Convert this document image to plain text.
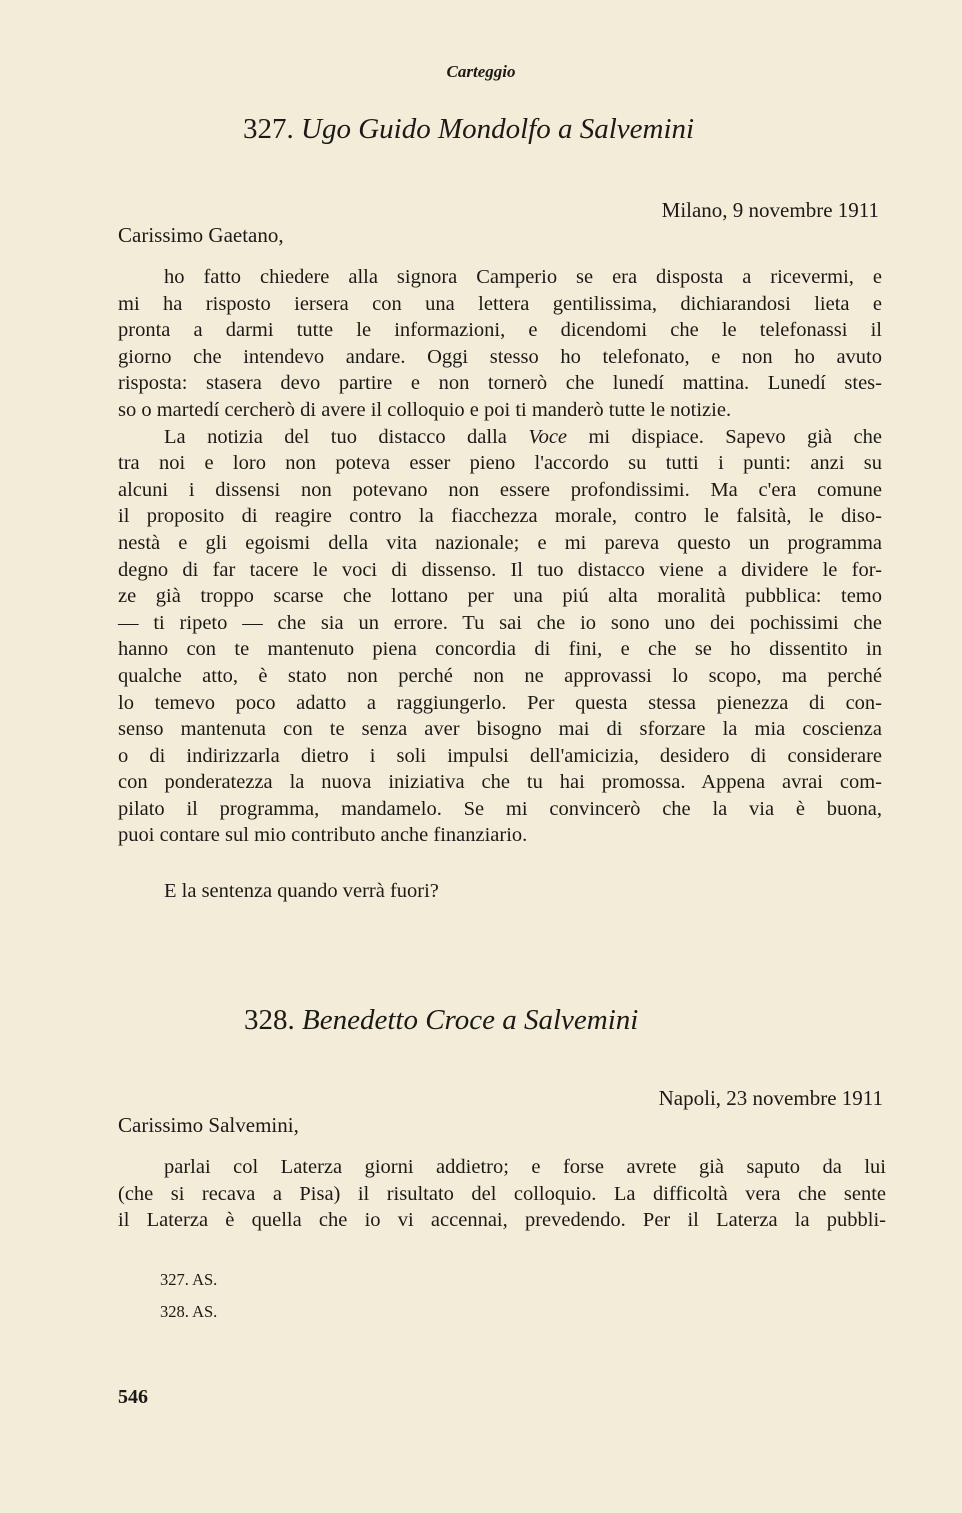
Carteggio
327. Ugo Guido Mondolfo a Salvemini
Milano, 9 novembre 1911
Carissimo Gaetano,
ho fatto chiedere alla signora Camperio se era disposta a ricevermi, e
mi ha risposto iersera con una lettera gentilissima, dichiarandosi lieta e
pronta a darmi tutte le informazioni, e dicendomi che le telefonassi il
giorno che intendevo andare. Oggi stesso ho telefonato, e non ho avuto
risposta: stasera devo partire e non tornerò che lunedí mattina. Lunedí stes-
so o martedí cercherò di avere il colloquio e poi ti manderò tutte le notizie.
La notizia del tuo distacco dalla Voce mi dispiace. Sapevo già che
tra noi e loro non poteva esser pieno l'accordo su tutti i punti: anzi su
alcuni i dissensi non potevano non essere profondissimi. Ma c'era comune
il proposito di reagire contro la fiacchezza morale, contro le falsità, le diso-
nestà e gli egoismi della vita nazionale; e mi pareva questo un programma
degno di far tacere le voci di dissenso. Il tuo distacco viene a dividere le for-
ze già troppo scarse che lottano per una piú alta moralità pubblica: temo
— ti ripeto — che sia un errore. Tu sai che io sono uno dei pochissimi che
hanno con te mantenuto piena concordia di fini, e che se ho dissentito in
qualche atto, è stato non perché non ne approvassi lo scopo, ma perché
lo temevo poco adatto a raggiungerlo. Per questa stessa pienezza di con-
senso mantenuta con te senza aver bisogno mai di sforzare la mia coscienza
o di indirizzarla dietro i soli impulsi dell'amicizia, desidero di considerare
con ponderatezza la nuova iniziativa che tu hai promossa. Appena avrai com-
pilato il programma, mandamelo. Se mi convincerò che la via è buona,
puoi contare sul mio contributo anche finanziario.
E la sentenza quando verrà fuori?
328. Benedetto Croce a Salvemini
Napoli, 23 novembre 1911
Carissimo Salvemini,
parlai col Laterza giorni addietro; e forse avrete già saputo da lui
(che si recava a Pisa) il risultato del colloquio. La difficoltà vera che sente
il Laterza è quella che io vi accennai, prevedendo. Per il Laterza la pubbli-
327. AS.
328. AS.
546
